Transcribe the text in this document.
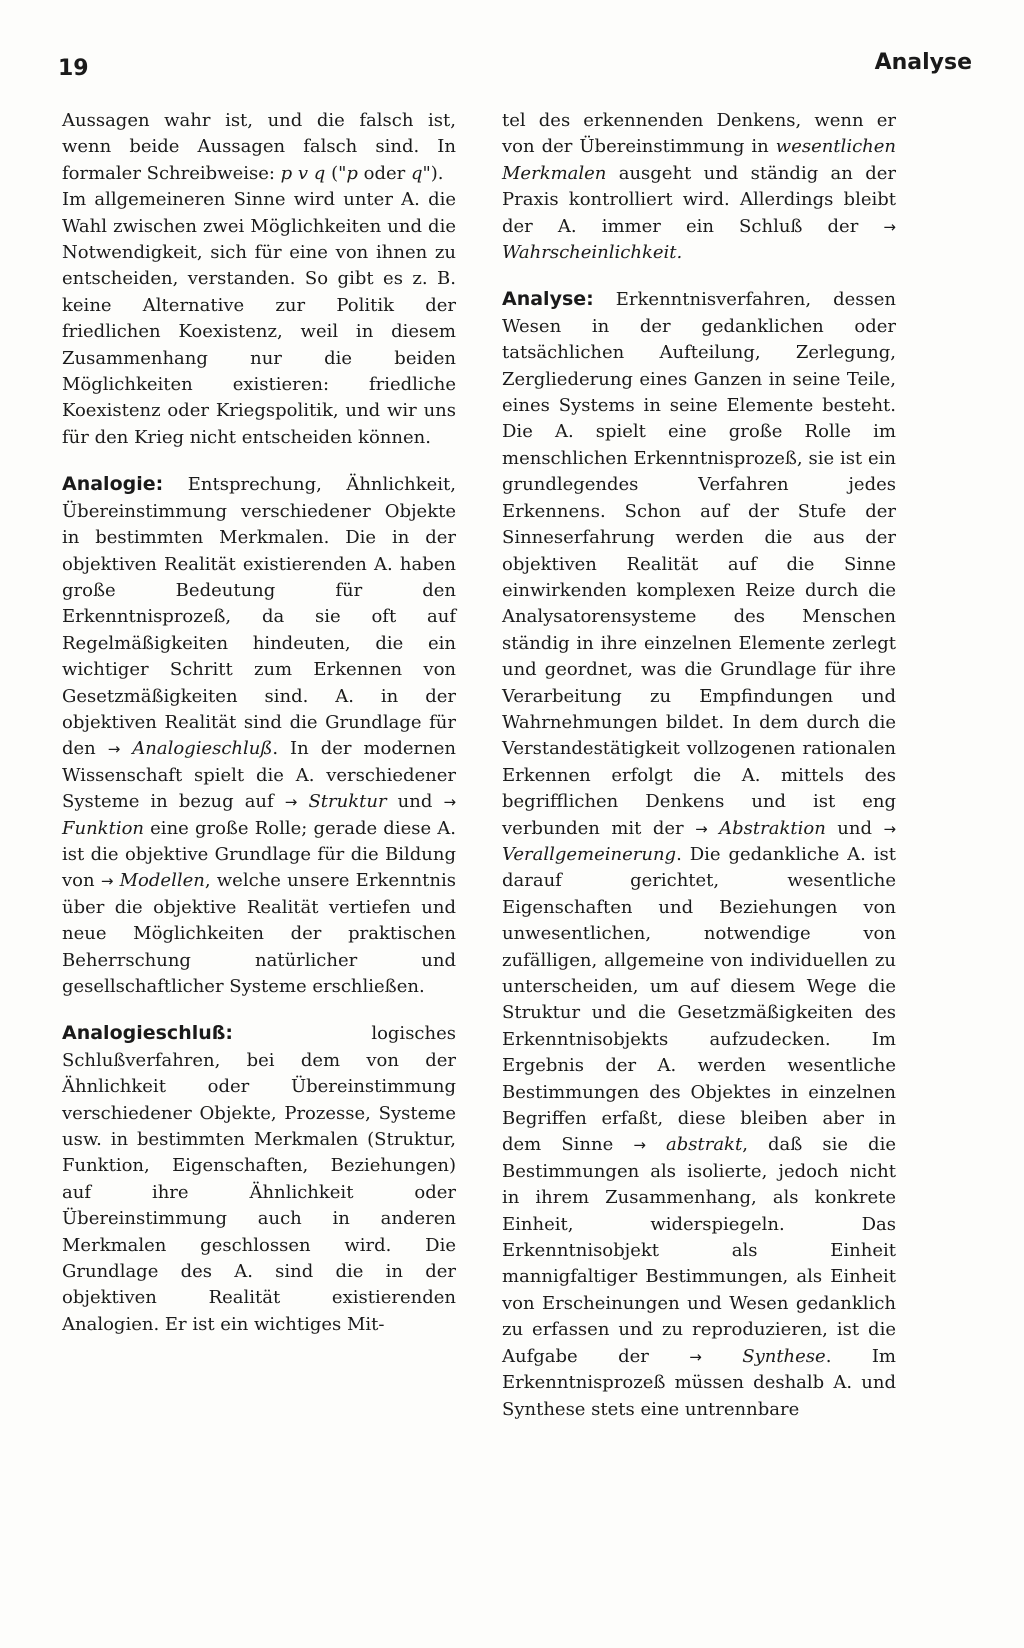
19	Analyse

Aussagen wahr ist, und die falsch ist, wenn beide Aussagen falsch sind. In formaler Schreibweise: p v q ("p oder q").

Im allgemeineren Sinne wird unter A. die Wahl zwischen zwei Möglichkeiten und die Notwendigkeit, sich für eine von ihnen zu entscheiden, verstanden. So gibt es z. B. keine Alternative zur Politik der friedlichen Koexistenz, weil in diesem Zusammenhang nur die beiden Möglichkeiten existieren: friedliche Koexistenz oder Kriegspolitik, und wir uns für den Krieg nicht entscheiden können.

Analogie: Entsprechung, Ähnlichkeit, Übereinstimmung verschiedener Objekte in bestimmten Merkmalen. Die in der objektiven Realität existierenden A. haben große Bedeutung für den Erkenntnisprozeß, da sie oft auf Regelmäßigkeiten hindeuten, die ein wichtiger Schritt zum Erkennen von Gesetzmäßigkeiten sind. A. in der objektiven Realität sind die Grundlage für den → Analogieschluß. In der modernen Wissenschaft spielt die A. verschiedener Systeme in bezug auf → Struktur und → Funktion eine große Rolle; gerade diese A. ist die objektive Grundlage für die Bildung von → Modellen, welche unsere Erkenntnis über die objektive Realität vertiefen und neue Möglichkeiten der praktischen Beherrschung natürlicher und gesellschaftlicher Systeme erschließen.

Analogieschluß: logisches Schlußverfahren, bei dem von der Ähnlichkeit oder Übereinstimmung verschiedener Objekte, Prozesse, Systeme usw. in bestimmten Merkmalen (Struktur, Funktion, Eigenschaften, Beziehungen) auf ihre Ähnlichkeit oder Übereinstimmung auch in anderen Merkmalen geschlossen wird. Die Grundlage des A. sind die in der objektiven Realität existierenden Analogien. Er ist ein wichtiges Mit-

tel des erkennenden Denkens, wenn er von der Übereinstimmung in wesentlichen Merkmalen ausgeht und ständig an der Praxis kontrolliert wird. Allerdings bleibt der A. immer ein Schluß der → Wahrscheinlichkeit.

Analyse: Erkenntnisverfahren, dessen Wesen in der gedanklichen oder tatsächlichen Aufteilung, Zerlegung, Zergliederung eines Ganzen in seine Teile, eines Systems in seine Elemente besteht. Die A. spielt eine große Rolle im menschlichen Erkenntnisprozeß, sie ist ein grundlegendes Verfahren jedes Erkennens. Schon auf der Stufe der Sinneserfahrung werden die aus der objektiven Realität auf die Sinne einwirkenden komplexen Reize durch die Analysatorensysteme des Menschen ständig in ihre einzelnen Elemente zerlegt und geordnet, was die Grundlage für ihre Verarbeitung zu Empfindungen und Wahrnehmungen bildet. In dem durch die Verstandestätigkeit vollzogenen rationalen Erkennen erfolgt die A. mittels des begrifflichen Denkens und ist eng verbunden mit der → Abstraktion und → Verallgemeinerung. Die gedankliche A. ist darauf gerichtet, wesentliche Eigenschaften und Beziehungen von unwesentlichen, notwendige von zufälligen, allgemeine von individuellen zu unterscheiden, um auf diesem Wege die Struktur und die Gesetzmäßigkeiten des Erkenntnisobjekts aufzudecken. Im Ergebnis der A. werden wesentliche Bestimmungen des Objektes in einzelnen Begriffen erfaßt, diese bleiben aber in dem Sinne → abstrakt, daß sie die Bestimmungen als isolierte, jedoch nicht in ihrem Zusammenhang, als konkrete Einheit, widerspiegeln. Das Erkenntnisobjekt als Einheit mannigfaltiger Bestimmungen, als Einheit von Erscheinungen und Wesen gedanklich zu erfassen und zu reproduzieren, ist die Aufgabe der → Synthese. Im Erkenntnisprozeß müssen deshalb A. und Synthese stets eine untrennbare
